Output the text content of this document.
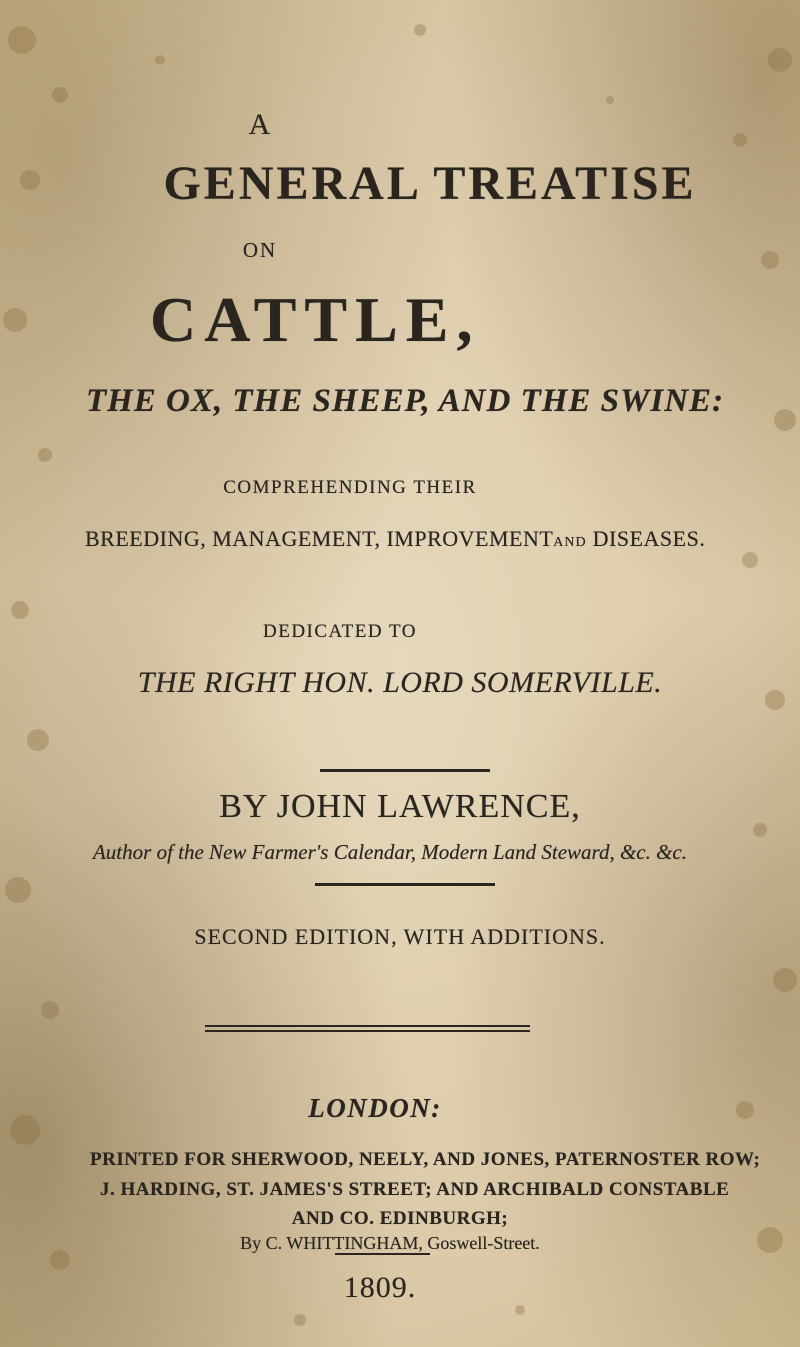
A
GENERAL TREATISE
ON
CATTLE,
THE OX, THE SHEEP, AND THE SWINE:
COMPREHENDING THEIR
BREEDING, MANAGEMENT, IMPROVEMENTAND DISEASES.
DEDICATED TO
THE RIGHT HON. LORD SOMERVILLE.
BY JOHN LAWRENCE,
Author of the New Farmer's Calendar, Modern Land Steward, &c. &c.
SECOND EDITION, WITH ADDITIONS.
LONDON:
PRINTED FOR SHERWOOD, NEELY, AND JONES, PATERNOSTER ROW;
J. HARDING, ST. JAMES'S STREET; AND ARCHIBALD CONSTABLE
AND CO. EDINBURGH;
By C. WHITTINGHAM, Goswell-Street.
1809.
